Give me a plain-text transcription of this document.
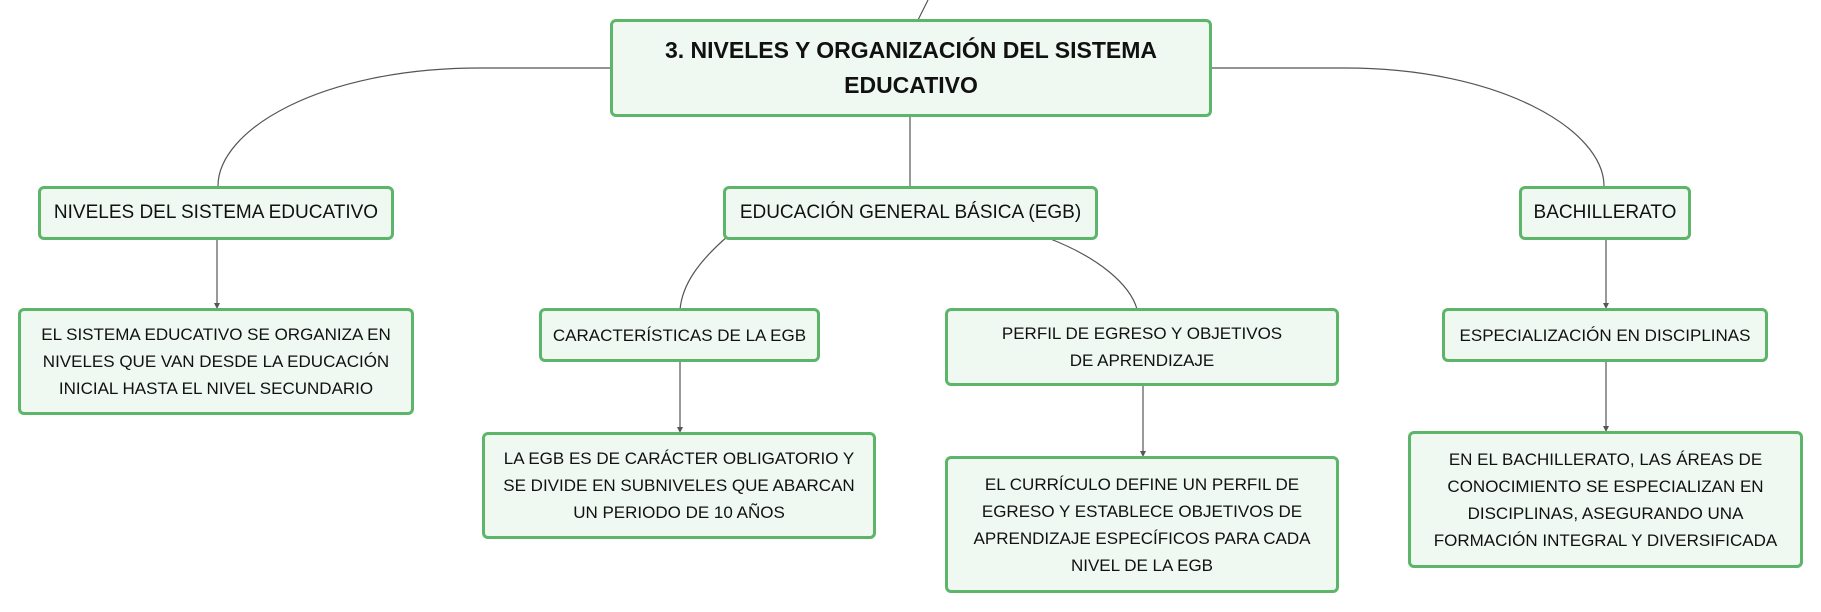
3. NIVELES Y ORGANIZACIÓN DEL SISTEMA EDUCATIVO
NIVELES DEL SISTEMA EDUCATIVO	EDUCACIÓN GENERAL BÁSICA (EGB)	BACHILLERATO
EL SISTEMA EDUCATIVO SE ORGANIZA EN NIVELES QUE VAN DESDE LA EDUCACIÓN INICIAL HASTA EL NIVEL SECUNDARIO
CARACTERÍSTICAS DE LA EGB	PERFIL DE EGRESO Y OBJETIVOS DE APRENDIZAJE
LA EGB ES DE CARÁCTER OBLIGATORIO Y SE DIVIDE EN SUBNIVELES QUE ABARCAN UN PERIODO DE 10 AÑOS
EL CURRÍCULO DEFINE UN PERFIL DE EGRESO Y ESTABLECE OBJETIVOS DE APRENDIZAJE ESPECÍFICOS PARA CADA NIVEL DE LA EGB
ESPECIALIZACIÓN EN DISCIPLINAS
EN EL BACHILLERATO, LAS ÁREAS DE CONOCIMIENTO SE ESPECIALIZAN EN DISCIPLINAS, ASEGURANDO UNA FORMACIÓN INTEGRAL Y DIVERSIFICADA
